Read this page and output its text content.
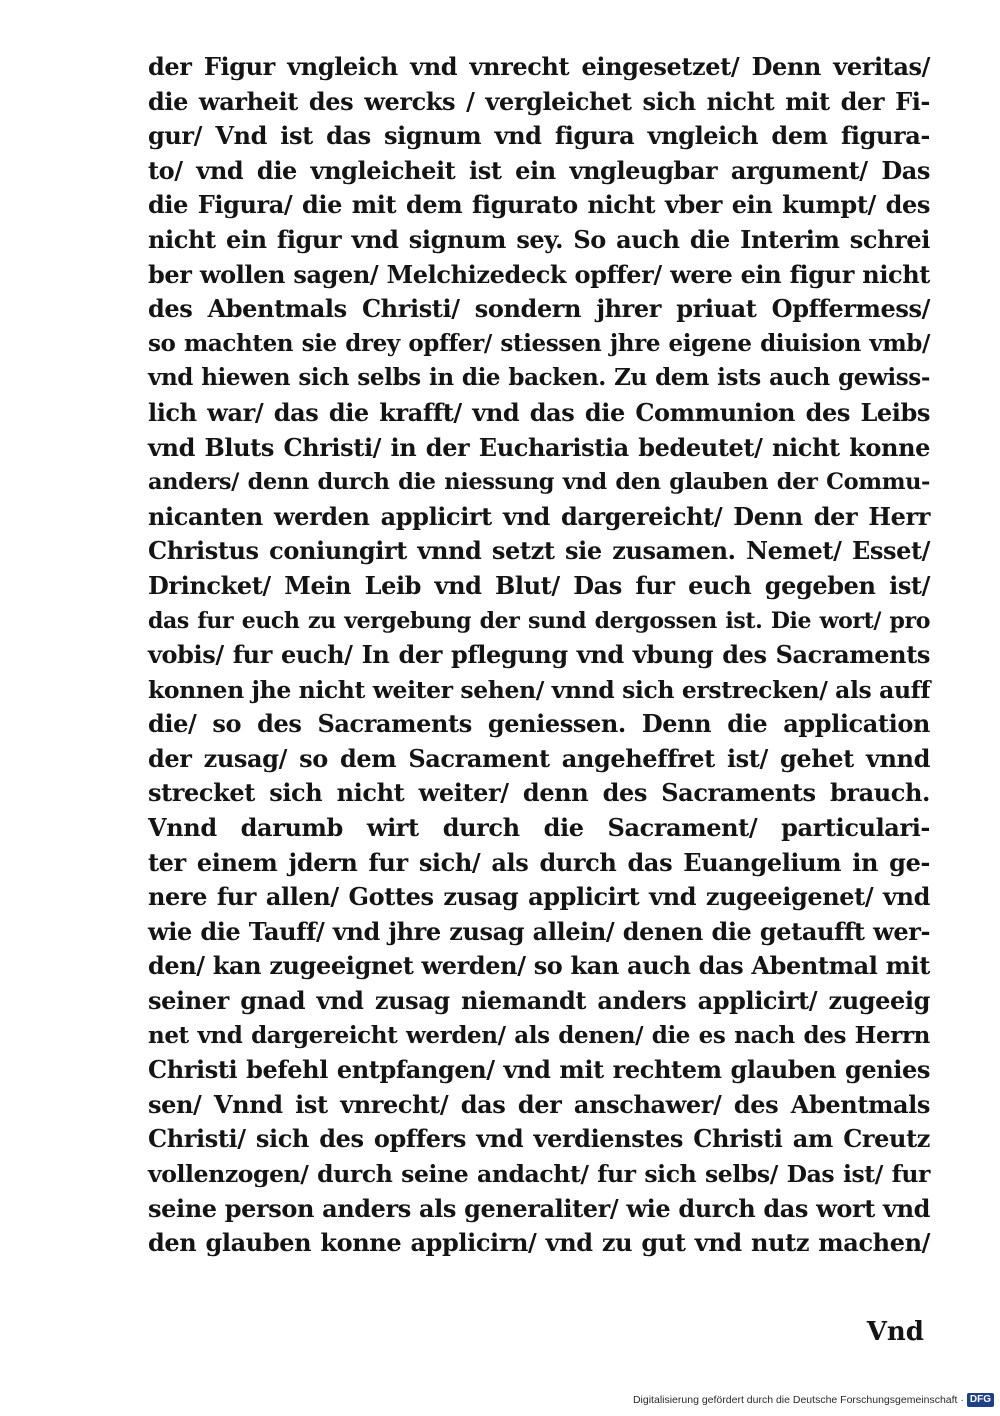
der Figur vngleich vnd vnrecht eingesetzet/ Denn veritas/
die warheit des wercks / vergleichet sich nicht mit der Fi-
gur/ Vnd ist das signum vnd figura vngleich dem figura-
to/ vnd die vngleicheit ist ein vngleugbar argument/ Das
die Figura/ die mit dem figurato nicht vber ein kumpt/ des
nicht ein figur vnd signum sey. So auch die Interim schrei
ber wollen sagen/ Melchizedeck opffer/ were ein figur nicht
des Abentmals Christi/ sondern jhrer priuat Opffermess/
so machten sie drey opffer/ stiessen jhre eigene diuision vmb/
vnd hiewen sich selbs in die backen. Zu dem ists auch gewiss-
lich war/ das die krafft/ vnd das die Communion des Leibs
vnd Bluts Christi/ in der Eucharistia bedeutet/ nicht konne
anders/ denn durch die niessung vnd den glauben der Commu-
nicanten werden applicirt vnd dargereicht/ Denn der Herr
Christus coniungirt vnnd setzt sie zusamen. Nemet/ Esset/
Drincket/ Mein Leib vnd Blut/ Das fur euch gegeben ist/
das fur euch zu vergebung der sund dergossen ist. Die wort/ pro
vobis/ fur euch/ In der pflegung vnd vbung des Sacraments
konnen jhe nicht weiter sehen/ vnnd sich erstrecken/ als auff
die/ so des Sacraments geniessen. Denn die application
der zusag/ so dem Sacrament angeheffret ist/ gehet vnnd
strecket sich nicht weiter/ denn des Sacraments brauch.
Vnnd darumb wirt durch die Sacrament/ particulari-
ter einem jdern fur sich/ als durch das Euangelium in ge-
nere fur allen/ Gottes zusag applicirt vnd zugeeigenet/ vnd
wie die Tauff/ vnd jhre zusag allein/ denen die getaufft wer-
den/ kan zugeeignet werden/ so kan auch das Abentmal mit
seiner gnad vnd zusag niemandt anders applicirt/ zugeeig
net vnd dargereicht werden/ als denen/ die es nach des Herrn
Christi befehl entpfangen/ vnd mit rechtem glauben genies
sen/ Vnnd ist vnrecht/ das der anschawer/ des Abentmals
Christi/ sich des opffers vnd verdienstes Christi am Creutz
vollenzogen/ durch seine andacht/ fur sich selbs/ Das ist/ fur
seine person anders als generaliter/ wie durch das wort vnd
den glauben konne applicirn/ vnd zu gut vnd nutz machen/
Vnd
Digitalisierung gefördert durch die Deutsche Forschungsgemeinschaft · DFG
